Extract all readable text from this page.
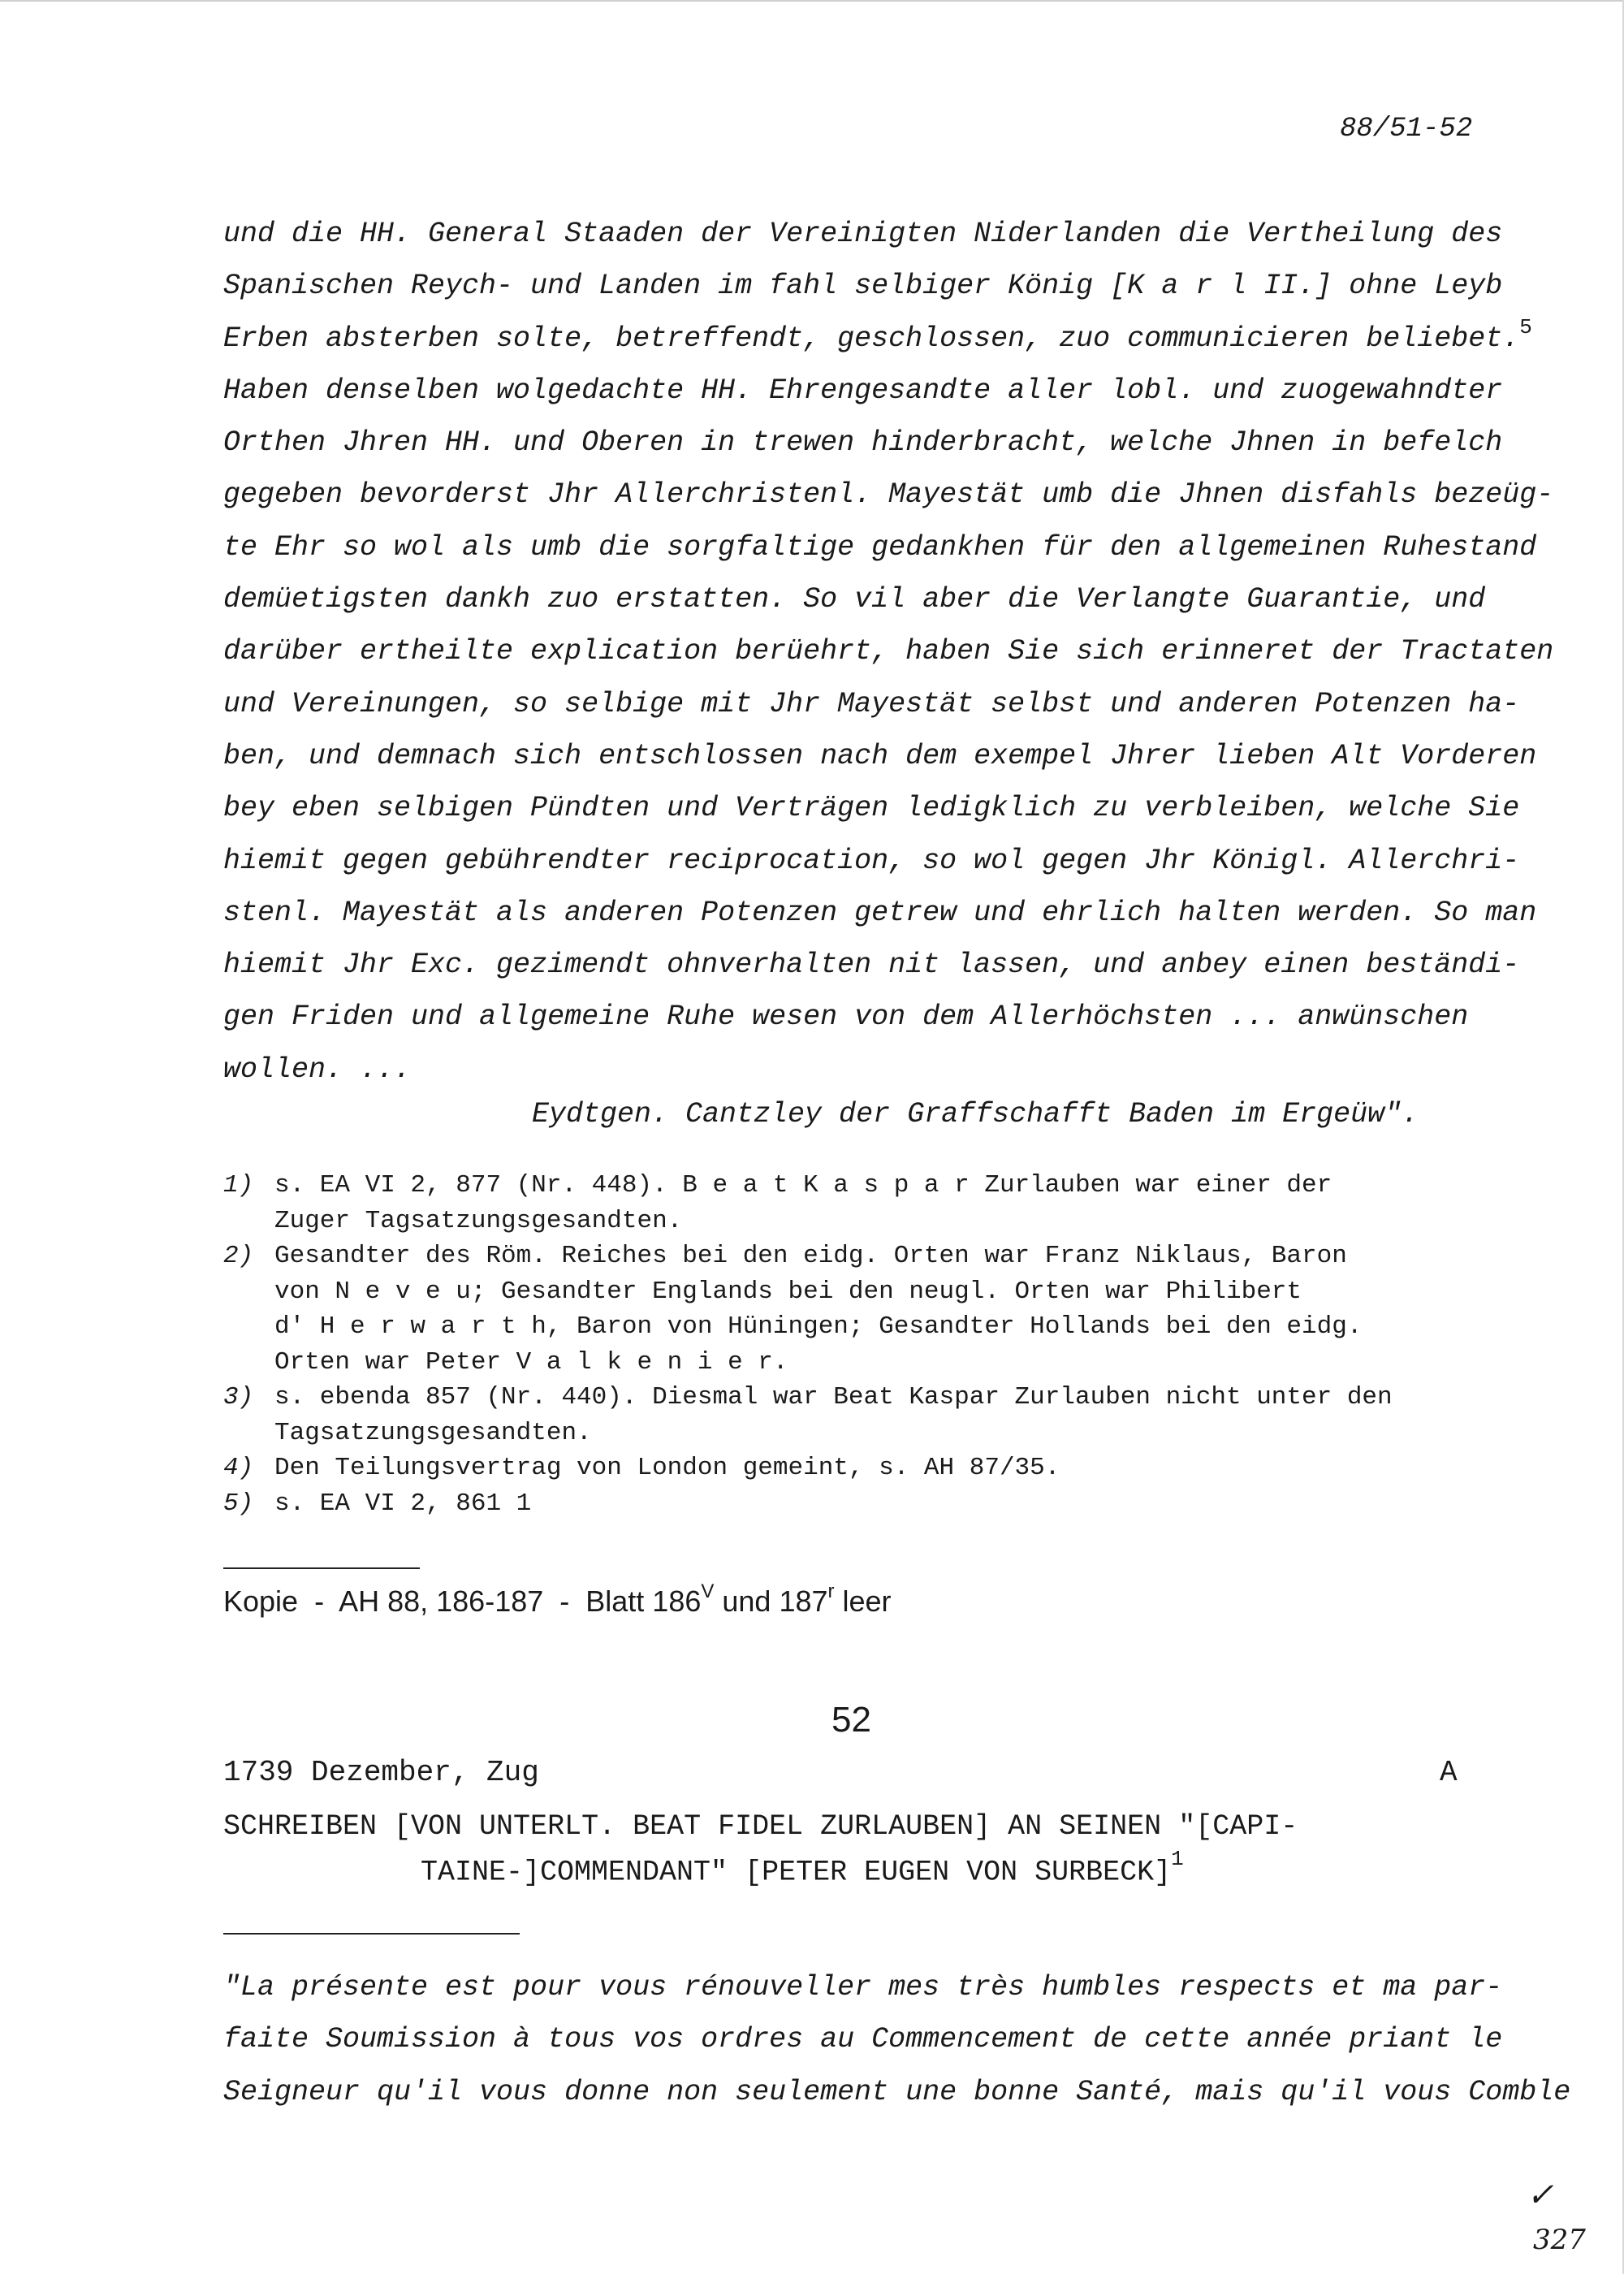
88/51-52
und die HH. General Staaden der Vereinigten Niderlanden die Vertheilung des
Spanischen Reych- und Landen im fahl selbiger König [K a r l II.] ohne Leyb
Erben absterben solte, betreffendt, geschlossen, zuo communicieren beliebet.$^5$
Haben denselben wolgedachte HH. Ehrengesandte aller lobl. und zuogewahndter
Orthen Jhren HH. und Oberen in trewen hinderbracht, welche Jhnen in befelch
gegeben bevorderst Jhr Allerchristenl. Mayestät umb die Jhnen disfahls bezeüg-
te Ehr so wol als umb die sorgfaltige gedankhen für den allgemeinen Ruhestand
demüetigsten dankh zuo erstatten. So vil aber die Verlangte Guarantie, und
darüber ertheilte explication berüehrt, haben Sie sich erinneret der Tractaten
und Vereinungen, so selbige mit Jhr Mayestät selbst und anderen Potenzen ha-
ben, und demnach sich entschlossen nach dem exempel Jhrer lieben Alt Vorderen
bey eben selbigen Pündten und Verträgen ledigklich zu verbleiben, welche Sie
hiemit gegen gebührendter reciprocation, so wol gegen Jhr Königl. Allerchri-
stenl. Mayestät als anderen Potenzen getrew und ehrlich halten werden. So man
hiemit Jhr Exc. gezimendt ohnverhalten nit lassen, und anbey einen beständi-
gen Friden und allgemeine Ruhe wesen von dem Allerhöchsten ... anwünschen
wollen. ...
Eydtgen. Cantzley der Graffschafft Baden im Ergeüw".
1) s. EA VI 2, 877 (Nr. 448). B e a t K a s p a r Zurlauben war einer der
Zuger Tagsatzungsgesandten.
2) Gesandter des Röm. Reiches bei den eidg. Orten war Franz Niklaus, Baron
von N e v e u; Gesandter Englands bei den neugl. Orten war Philibert
d' H e r w a r t h, Baron von Hüningen; Gesandter Hollands bei den eidg.
Orten war Peter V a l k e n i e r.
3) s. ebenda 857 (Nr. 440). Diesmal war Beat Kaspar Zurlauben nicht unter den
Tagsatzungsgesandten.
4) Den Teilungsvertrag von London gemeint, s. AH 87/35.
5) s. EA VI 2, 861 1
Kopie  -  AH 88, 186-187  -  Blatt $186^V$ und 187$^r$ leer
52
1739 Dezember, Zug	A
SCHREIBEN [VON UNTERLT. BEAT FIDEL ZURLAUBEN] AN SEINEN "[CAPI-
TAINE-]COMMENDANT" [PETER EUGEN VON SURBECK]$^1$
"La présente est pour vous rénouveller mes très humbles respects et ma par-
faite Soumission à tous vos ordres au Commencement de cette année priant le
Seigneur qu'il vous donne non seulement une bonne Santé, mais qu'il vous Comble
✓
327
